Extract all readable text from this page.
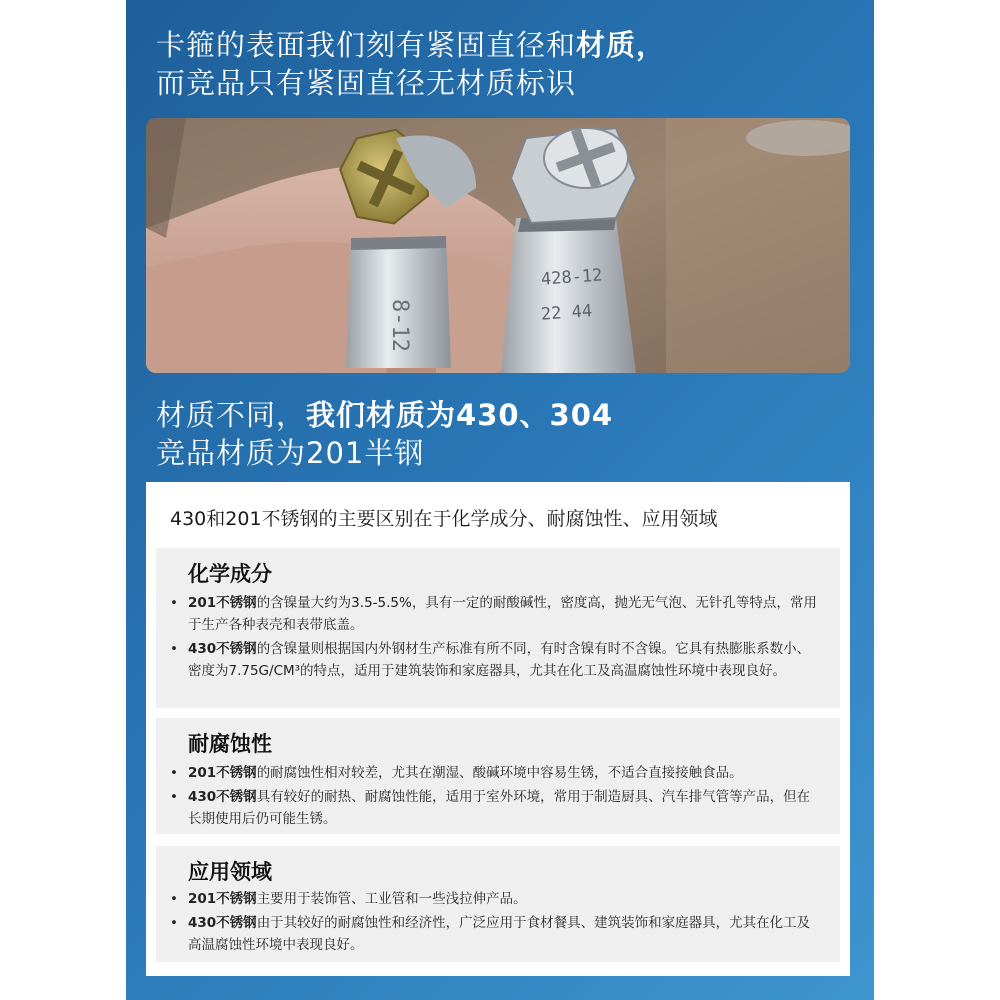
卡箍的表面我们刻有紧固直径和材质，
而竞品只有紧固直径无材质标识
8-12
428-12
22 44
材质不同，我们材质为430、304
竞品材质为201半钢
430和201不锈钢的主要区别在于化学成分、耐腐蚀性、应用领域
化学成分
• 201不锈钢的含镍量大约为3.5-5.5%，具有一定的耐酸碱性，密度高，抛光无气泡、无针孔等特点，常用于生产各种表壳和表带底盖。
• 430不锈钢的含镍量则根据国内外钢材生产标准有所不同，有时含镍有时不含镍。它具有热膨胀系数小、密度为7.75G/CM³的特点，适用于建筑装饰和家庭器具，尤其在化工及高温腐蚀性环境中表现良好。
耐腐蚀性
• 201不锈钢的耐腐蚀性相对较差，尤其在潮湿、酸碱环境中容易生锈，不适合直接接触食品。
• 430不锈钢具有较好的耐热、耐腐蚀性能，适用于室外环境，常用于制造厨具、汽车排气管等产品，但在长期使用后仍可能生锈。
应用领域
• 201不锈钢主要用于装饰管、工业管和一些浅拉伸产品。
• 430不锈钢由于其较好的耐腐蚀性和经济性，广泛应用于食材餐具、建筑装饰和家庭器具，尤其在化工及高温腐蚀性环境中表现良好。
